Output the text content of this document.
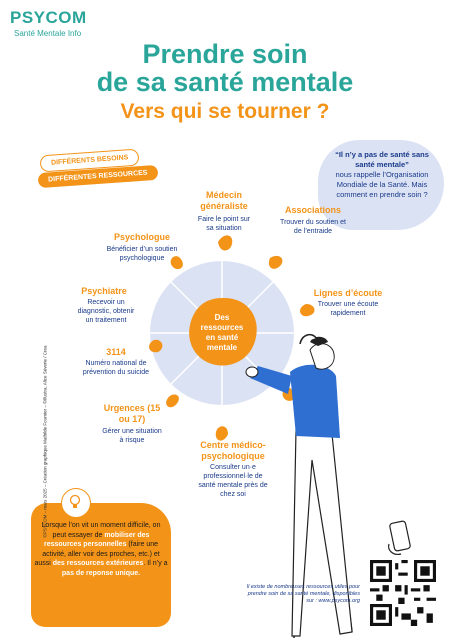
PSYCOM
Santé Mentale Info
Prendre soin
de sa santé mentale
Vers qui se tourner ?
DIFFÉRENTS BESOINS
DIFFÉRENTES RESSOURCES
“Il n’y a pas de santé sans santé mentale”
nous rappelle l’Organisation Mondiale de la Santé. Mais comment en prendre soin ?
Des ressources en santé mentale
Médecin généraliste
Faire le point sur sa situation
Associations
Trouver du soutien et de l’entraide
Lignes d’écoute
Trouver une écoute rapidement
Centre médico-psychologique
Consulter un·e professionnel·le de santé mentale près de chez soi
Urgences (15 ou 17)
Gérer une situation à risque
3114
Numéro national de prévention du suicide
Psychiatre
Recevoir un diagnostic, obtenir un traitement
Psychologue
Bénéficier d’un soutien psychologique
Lorsque l’on vit un moment difficile, on peut essayer de mobiliser des ressources personnelles (faire une activité, aller voir des proches, etc.) et aussi des ressources extérieures. Il n’y a pas de reponse unique.
©PSYCOM – mars 2025 – Création graphique Mathilde Fournier – ©illustra. Alice Séverie / Crea
Il existe de nombreuses ressources utiles pour prendre soin de sa santé mentale, disponibles sur : www.psycom.org
